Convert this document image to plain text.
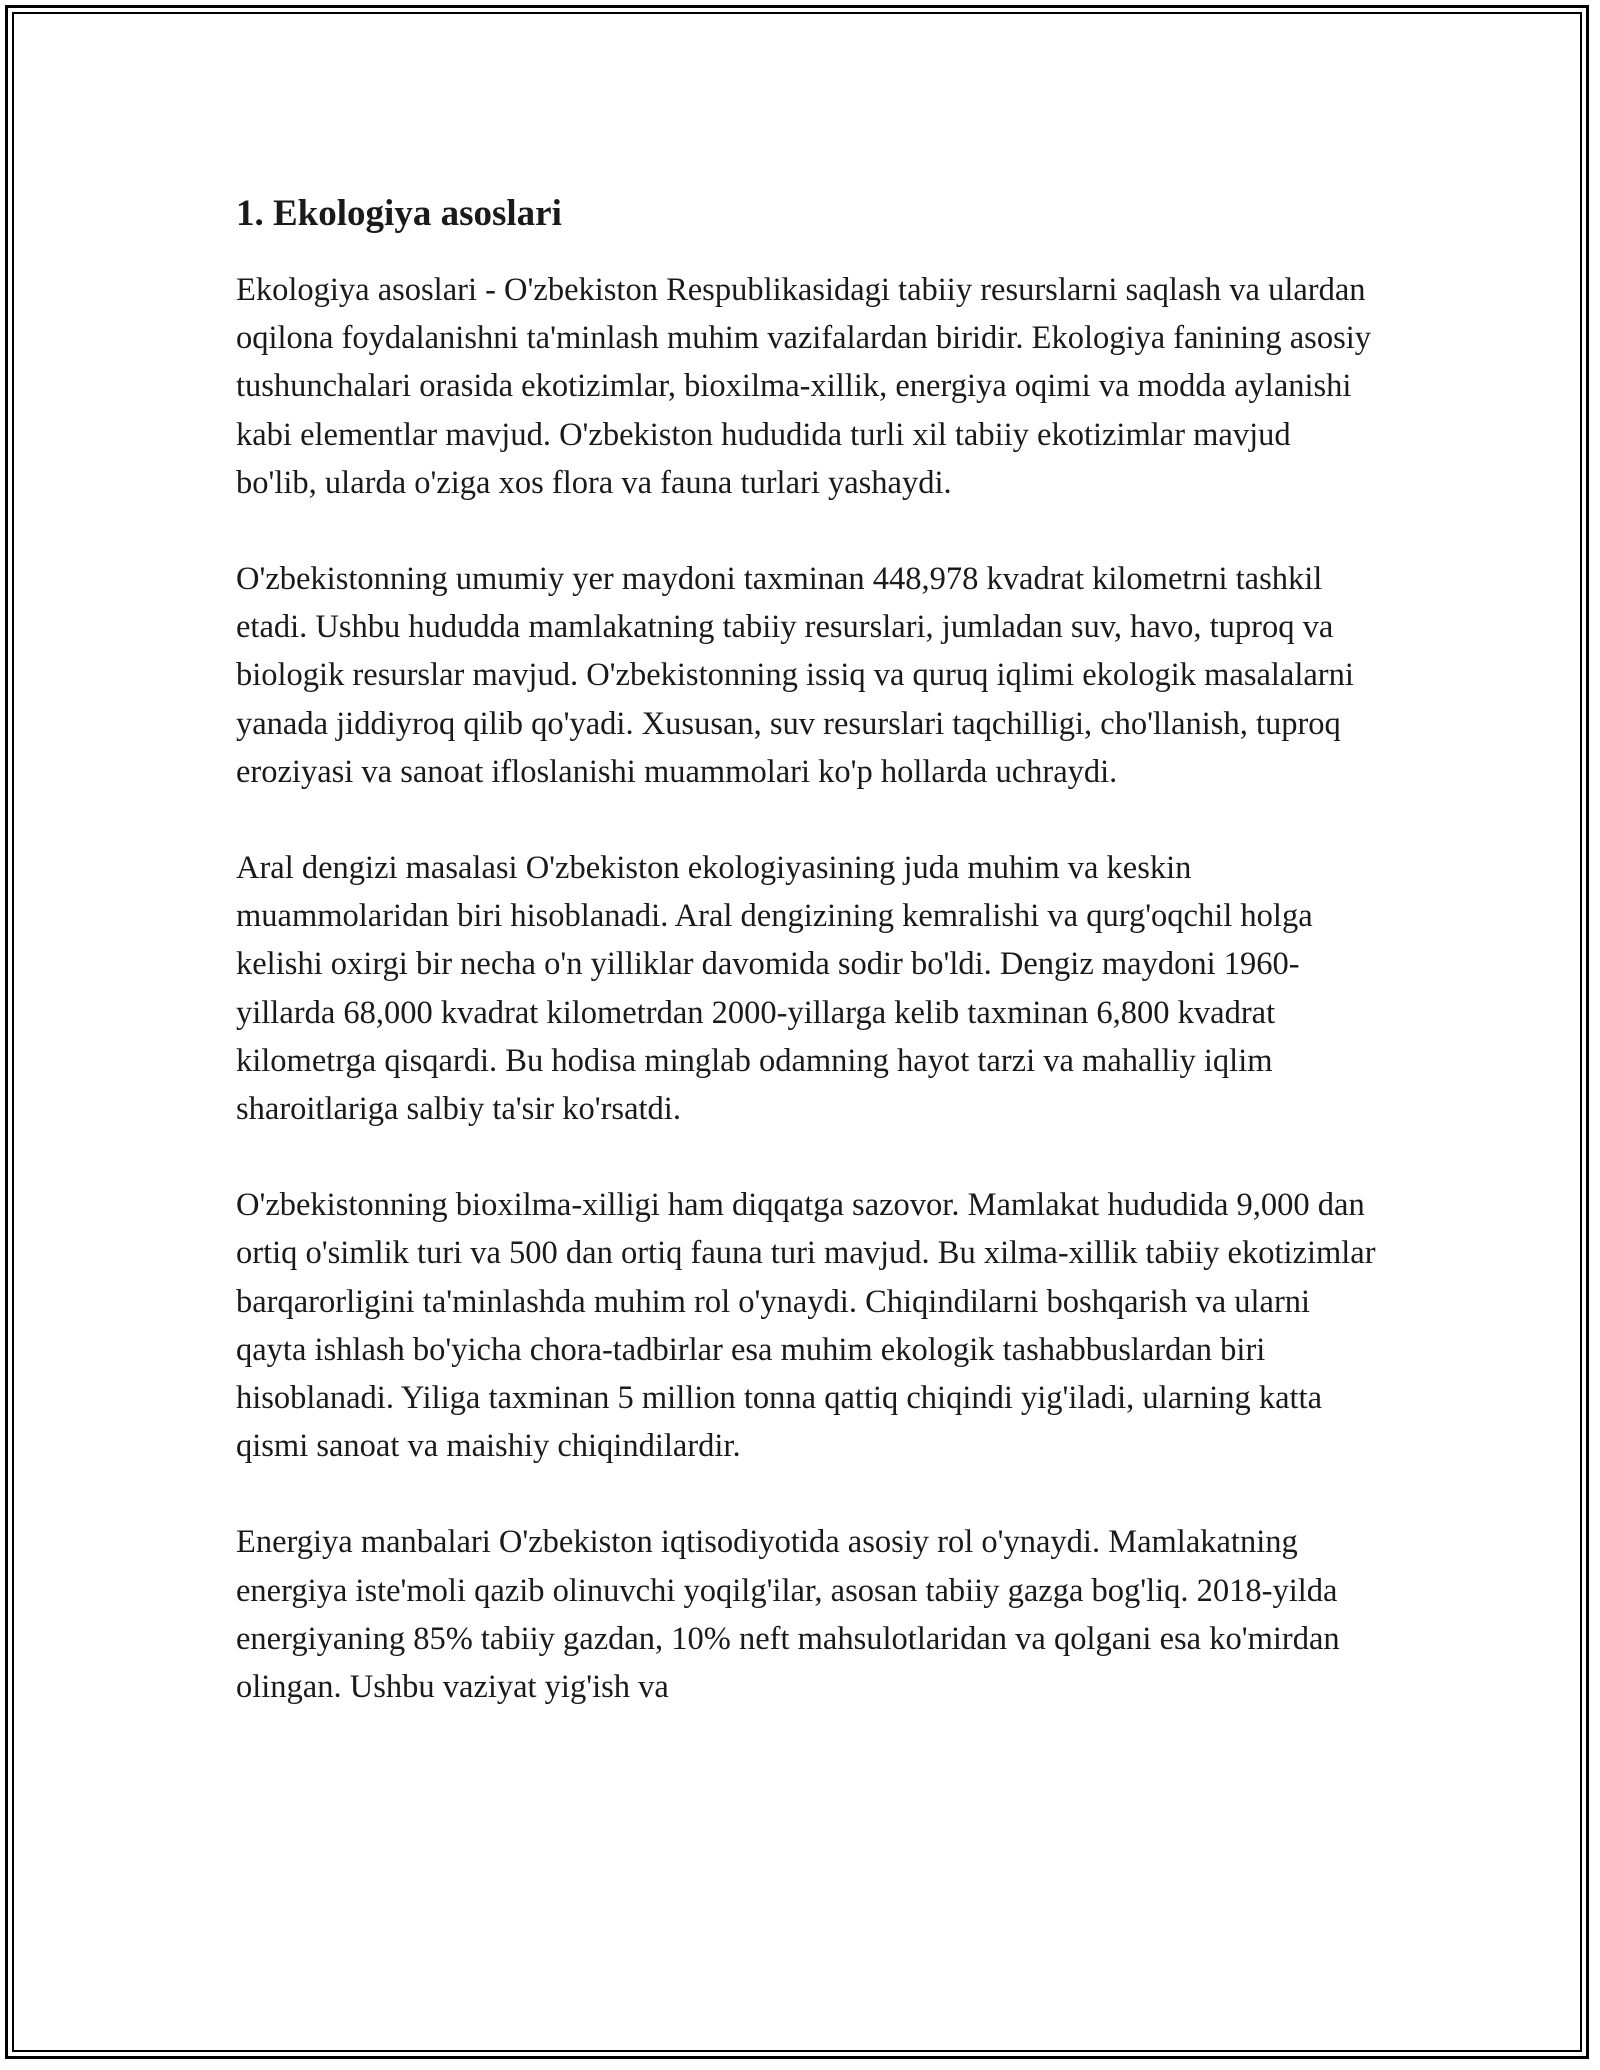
1. Ekologiya asoslari

Ekologiya asoslari - O'zbekiston Respublikasidagi tabiiy resurslarni saqlash va ulardan oqilona foydalanishni ta'minlash muhim vazifalardan biridir. Ekologiya fanining asosiy tushunchalari orasida ekotizimlar, bioxilma-xillik, energiya oqimi va modda aylanishi kabi elementlar mavjud. O'zbekiston hududida turli xil tabiiy ekotizimlar mavjud bo'lib, ularda o'ziga xos flora va fauna turlari yashaydi.

O'zbekistonning umumiy yer maydoni taxminan 448,978 kvadrat kilometrni tashkil etadi. Ushbu hududda mamlakatning tabiiy resurslari, jumladan suv, havo, tuproq va biologik resurslar mavjud. O'zbekistonning issiq va quruq iqlimi ekologik masalalarni yanada jiddiyroq qilib qo'yadi. Xususan, suv resurslari taqchilligi, cho'llanish, tuproq eroziyasi va sanoat ifloslanishi muammolari ko'p hollarda uchraydi.

Aral dengizi masalasi O'zbekiston ekologiyasining juda muhim va keskin muammolaridan biri hisoblanadi. Aral dengizining kemralishi va qurg'oqchil holga kelishi oxirgi bir necha o'n yilliklar davomida sodir bo'ldi. Dengiz maydoni 1960-yillarda 68,000 kvadrat kilometrdan 2000-yillarga kelib taxminan 6,800 kvadrat kilometrga qisqardi. Bu hodisa minglab odamning hayot tarzi va mahalliy iqlim sharoitlariga salbiy ta'sir ko'rsatdi.

O'zbekistonning bioxilma-xilligi ham diqqatga sazovor. Mamlakat hududida 9,000 dan ortiq o'simlik turi va 500 dan ortiq fauna turi mavjud. Bu xilma-xillik tabiiy ekotizimlar barqarorligini ta'minlashda muhim rol o'ynaydi. Chiqindilarni boshqarish va ularni qayta ishlash bo'yicha chora-tadbirlar esa muhim ekologik tashabbuslardan biri hisoblanadi. Yiliga taxminan 5 million tonna qattiq chiqindi yig'iladi, ularning katta qismi sanoat va maishiy chiqindilardir.

Energiya manbalari O'zbekiston iqtisodiyotida asosiy rol o'ynaydi. Mamlakatning energiya iste'moli qazib olinuvchi yoqilg'ilar, asosan tabiiy gazga bog'liq. 2018-yilda energiyaning 85% tabiiy gazdan, 10% neft mahsulotlaridan va qolgani esa ko'mirdan olingan. Ushbu vaziyat yig'ish va
